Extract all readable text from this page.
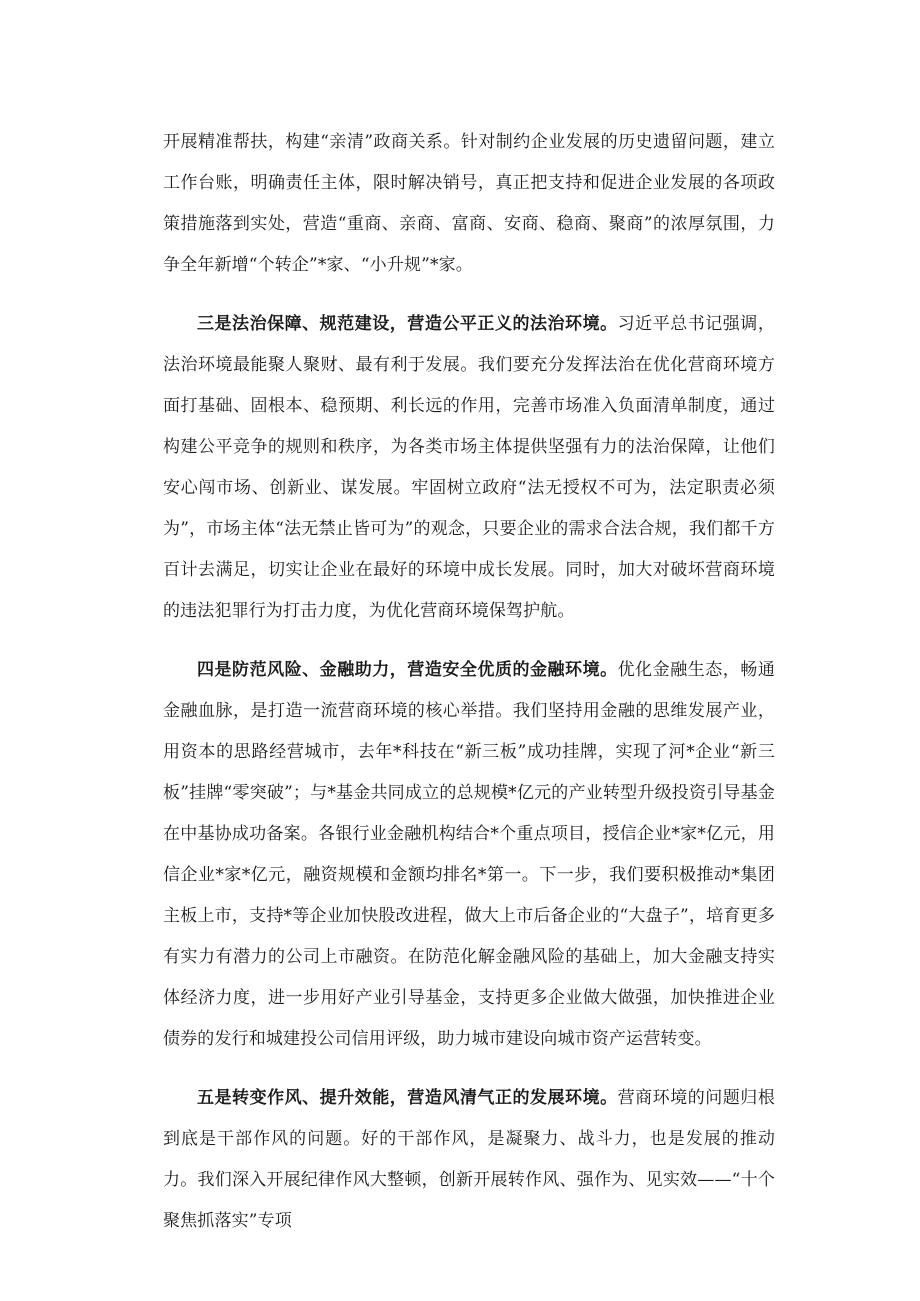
开展精准帮扶，构建“亲清”政商关系。针对制约企业发展的历史遗留问题，建立工作台账，明确责任主体，限时解决销号，真正把支持和促进企业发展的各项政策措施落到实处，营造“重商、亲商、富商、安商、稳商、聚商”的浓厚氛围，力争全年新增“个转企”*家、“小升规”*家。

三是法治保障、规范建设，营造公平正义的法治环境。习近平总书记强调，法治环境最能聚人聚财、最有利于发展。我们要充分发挥法治在优化营商环境方面打基础、固根本、稳预期、利长远的作用，完善市场准入负面清单制度，通过构建公平竞争的规则和秩序，为各类市场主体提供坚强有力的法治保障，让他们安心闯市场、创新业、谋发展。牢固树立政府“法无授权不可为，法定职责必须为”，市场主体“法无禁止皆可为”的观念，只要企业的需求合法合规，我们都千方百计去满足，切实让企业在最好的环境中成长发展。同时，加大对破坏营商环境的违法犯罪行为打击力度，为优化营商环境保驾护航。

四是防范风险、金融助力，营造安全优质的金融环境。优化金融生态，畅通金融血脉，是打造一流营商环境的核心举措。我们坚持用金融的思维发展产业，用资本的思路经营城市，去年*科技在“新三板”成功挂牌，实现了河*企业“新三板”挂牌“零突破”；与*基金共同成立的总规模*亿元的产业转型升级投资引导基金在中基协成功备案。各银行业金融机构结合*个重点项目，授信企业*家*亿元，用信企业*家*亿元，融资规模和金额均排名*第一。下一步，我们要积极推动*集团主板上市，支持*等企业加快股改进程，做大上市后备企业的“大盘子”，培育更多有实力有潜力的公司上市融资。在防范化解金融风险的基础上，加大金融支持实体经济力度，进一步用好产业引导基金，支持更多企业做大做强，加快推进企业债券的发行和城建投公司信用评级，助力城市建设向城市资产运营转变。

五是转变作风、提升效能，营造风清气正的发展环境。营商环境的问题归根到底是干部作风的问题。好的干部作风，是凝聚力、战斗力，也是发展的推动力。我们深入开展纪律作风大整顿，创新开展转作风、强作为、见实效——“十个聚焦抓落实”专项
